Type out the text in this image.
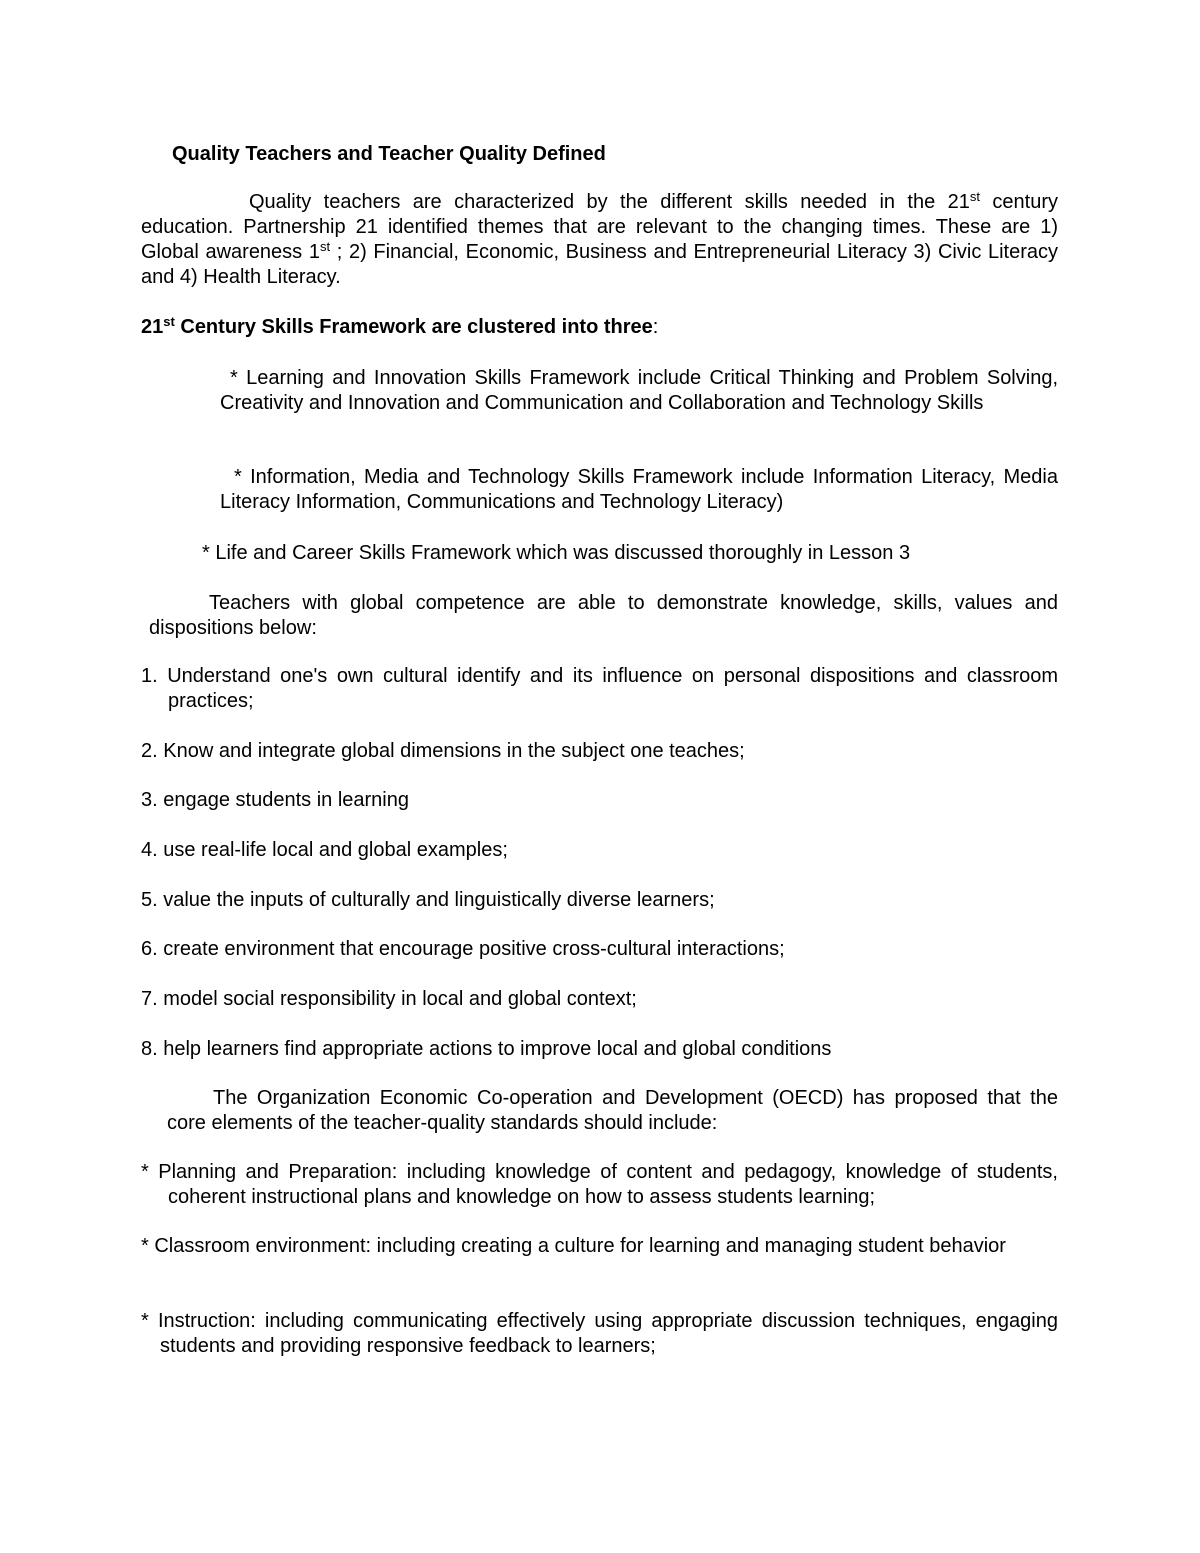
Quality Teachers and Teacher Quality Defined

Quality teachers are characterized by the different skills needed in the 21st century education. Partnership 21 identified themes that are relevant to the changing times. These are 1) Global awareness 1st ; 2) Financial, Economic, Business and Entrepreneurial Literacy 3) Civic Literacy and 4) Health Literacy.

21st Century Skills Framework are clustered into three:

* Learning and Innovation Skills Framework include Critical Thinking and Problem Solving, Creativity and Innovation and Communication and Collaboration and Technology Skills

* Information, Media and Technology Skills Framework include Information Literacy, Media Literacy Information, Communications and Technology Literacy)

* Life and Career Skills Framework which was discussed thoroughly in Lesson 3

Teachers with global competence are able to demonstrate knowledge, skills, values and dispositions below:

1. Understand one's own cultural identify and its influence on personal dispositions and classroom practices;

2. Know and integrate global dimensions in the subject one teaches;

3. engage students in learning

4. use real-life local and global examples;

5. value the inputs of culturally and linguistically diverse learners;

6. create environment that encourage positive cross-cultural interactions;

7. model social responsibility in local and global context;

8. help learners find appropriate actions to improve local and global conditions

The Organization Economic Co-operation and Development (OECD) has proposed that the core elements of the teacher-quality standards should include:

* Planning and Preparation: including knowledge of content and pedagogy, knowledge of students, coherent instructional plans and knowledge on how to assess students learning;

* Classroom environment: including creating a culture for learning and managing student behavior

* Instruction: including communicating effectively using appropriate discussion techniques, engaging students and providing responsive feedback to learners;
